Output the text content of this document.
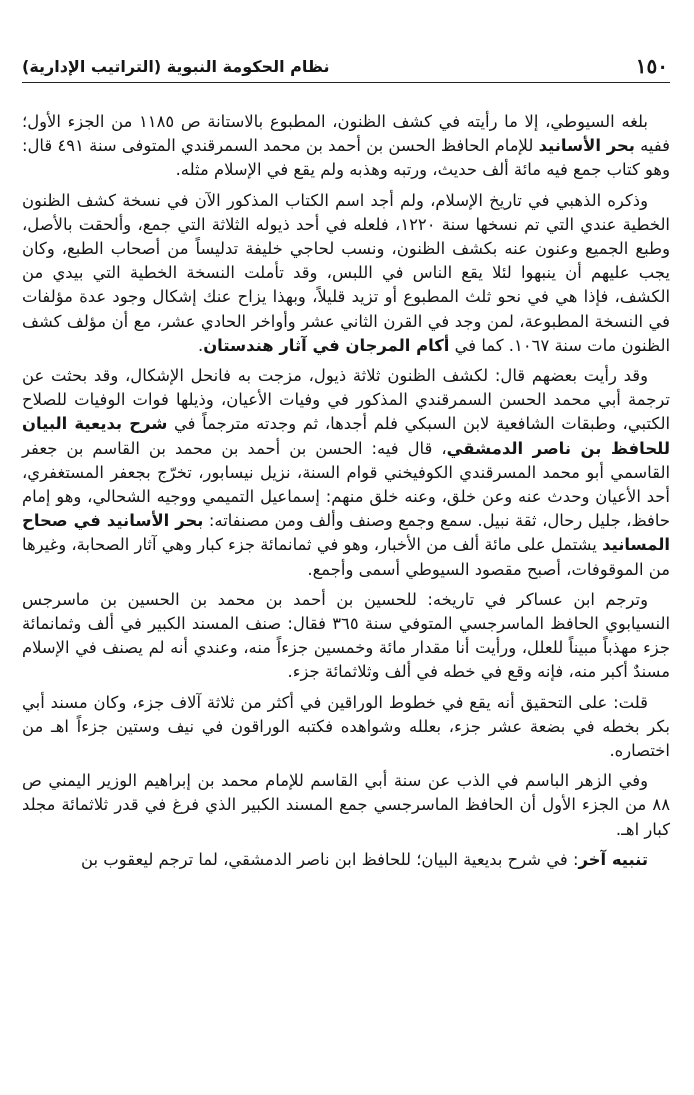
١٥٠
نظام الحكومة النبوية (التراتيب الإدارية)

بلغه السيوطي، إلا ما رأيته في كشف الظنون، المطبوع بالاستانة ص ١١٨٥ من الجزء الأول؛ ففيه بحر الأسانيد للإمام الحافظ الحسن بن أحمد بن محمد السمرقندي المتوفى سنة ٤٩١ قال: وهو كتاب جمع فيه مائة ألف حديث، ورتبه وهذبه ولم يقع في الإسلام مثله.

وذكره الذهبي في تاريخ الإسلام، ولم أجد اسم الكتاب المذكور الآن في نسخة كشف الظنون الخطية عندي التي تم نسخها سنة ١٢٢٠، فلعله في أحد ذيوله الثلاثة التي جمع، وألحقت بالأصل، وطبع الجميع وعنون عنه بكشف الظنون، ونسب لحاجي خليفة تدليساً من أصحاب الطبع، وكان يجب عليهم أن ينبهوا لئلا يقع الناس في اللبس، وقد تأملت النسخة الخطية التي بيدي من الكشف، فإذا هي في نحو ثلث المطبوع أو تزيد قليلاً، وبهذا يزاح عنك إشكال وجود عدة مؤلفات في النسخة المطبوعة، لمن وجد في القرن الثاني عشر وأواخر الحادي عشر، مع أن مؤلف كشف الظنون مات سنة ١٠٦٧. كما في أكام المرجان في آثار هندستان.

وقد رأيت بعضهم قال: لكشف الظنون ثلاثة ذيول، مزجت به فانحل الإشكال، وقد بحثت عن ترجمة أبي محمد الحسن السمرقندي المذكور في وفيات الأعيان، وذيلها فوات الوفيات للصلاح الكتبي، وطبقات الشافعية لابن السبكي فلم أجدها، ثم وجدته مترجماً في شرح بديعية البيان للحافظ بن ناصر الدمشقي، قال فيه: الحسن بن أحمد بن محمد بن القاسم بن جعفر القاسمي أبو محمد المسرقندي الكوفيخني قوام السنة، نزيل نيسابور، تخرّج بجعفر المستغفري، أحد الأعيان وحدث عنه وعن خلق، وعنه خلق منهم: إسماعيل التميمي ووجيه الشحالي، وهو إمام حافظ، جليل رحال، ثقة نبيل. سمع وجمع وصنف وألف ومن مصنفاته: بحر الأسانيد في صحاح المسانيد يشتمل على مائة ألف من الأخبار، وهو في ثمانمائة جزء كبار وهي آثار الصحابة، وغيرها من الموقوفات، أصبح مقصود السيوطي أسمى وأجمع.

وترجم ابن عساكر في تاريخه: للحسين بن أحمد بن محمد بن الحسين بن ماسرجس النسيابوي الحافظ الماسرجسي المتوفي سنة ٣٦٥ فقال: صنف المسند الكبير في ألف وثمانمائة جزء مهذباً مبيناً للعلل، ورأيت أنا مقدار مائة وخمسين جزءاً منه، وعندي أنه لم يصنف في الإسلام مسندٌ أكبر منه، فإنه وقع في خطه في ألف وثلاثمائة جزء.

قلت: على التحقيق أنه يقع في خطوط الوراقين في أكثر من ثلاثة آلاف جزء، وكان مسند أبي بكر بخطه في بضعة عشر جزء، بعلله وشواهده فكتبه الوراقون في نيف وستين جزءاً اهـ من اختصاره.

وفي الزهر الباسم في الذب عن سنة أبي القاسم للإمام محمد بن إبراهيم الوزير اليمني ص ٨٨ من الجزء الأول أن الحافظ الماسرجسي جمع المسند الكبير الذي فرغ في قدر ثلاثمائة مجلد كبار اهـ.

تنبيه آخر: في شرح بديعية البيان؛ للحافظ ابن ناصر الدمشقي، لما ترجم ليعقوب بن
